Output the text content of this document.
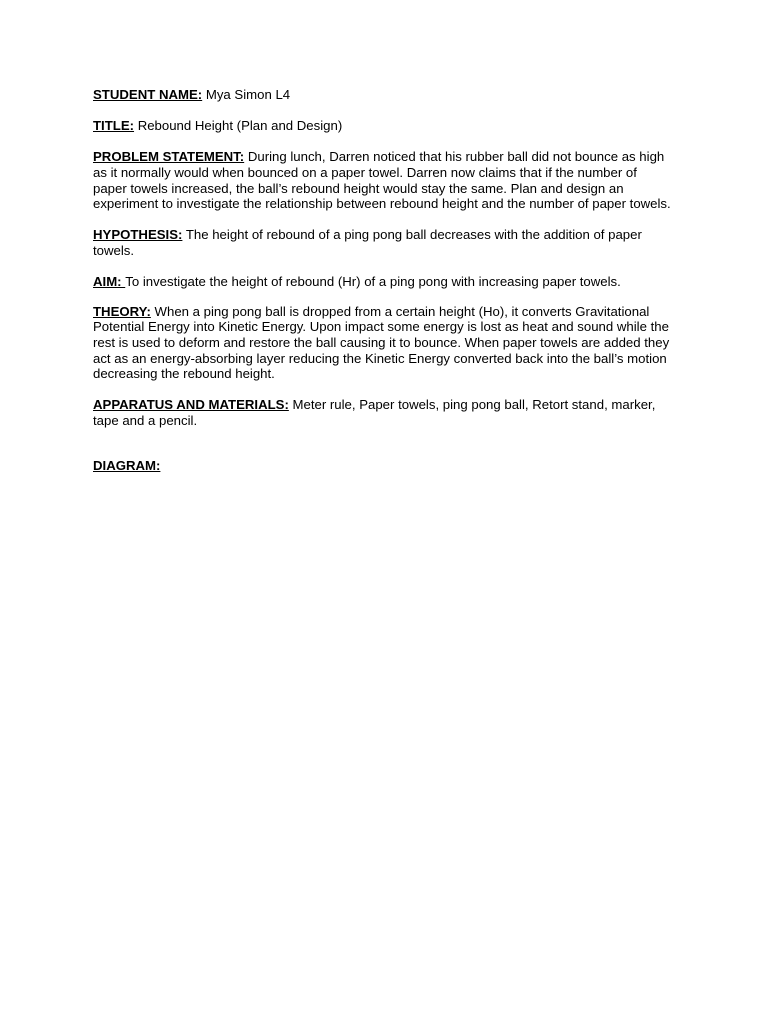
STUDENT NAME: Mya Simon L4

TITLE: Rebound Height (Plan and Design)

PROBLEM STATEMENT: During lunch, Darren noticed that his rubber ball did not bounce as high as it normally would when bounced on a paper towel. Darren now claims that if the number of paper towels increased, the ball’s rebound height would stay the same. Plan and design an experiment to investigate the relationship between rebound height and the number of paper towels.

HYPOTHESIS: The height of rebound of a ping pong ball decreases with the addition of paper towels.

AIM: To investigate the height of rebound (Hr) of a ping pong with increasing paper towels.

THEORY: When a ping pong ball is dropped from a certain height (Ho), it converts Gravitational Potential Energy into Kinetic Energy. Upon impact some energy is lost as heat and sound while the rest is used to deform and restore the ball causing it to bounce. When paper towels are added they act as an energy-absorbing layer reducing the Kinetic Energy converted back into the ball’s motion decreasing the rebound height.

APPARATUS AND MATERIALS: Meter rule, Paper towels, ping pong ball, Retort stand, marker, tape and a pencil.

DIAGRAM:
